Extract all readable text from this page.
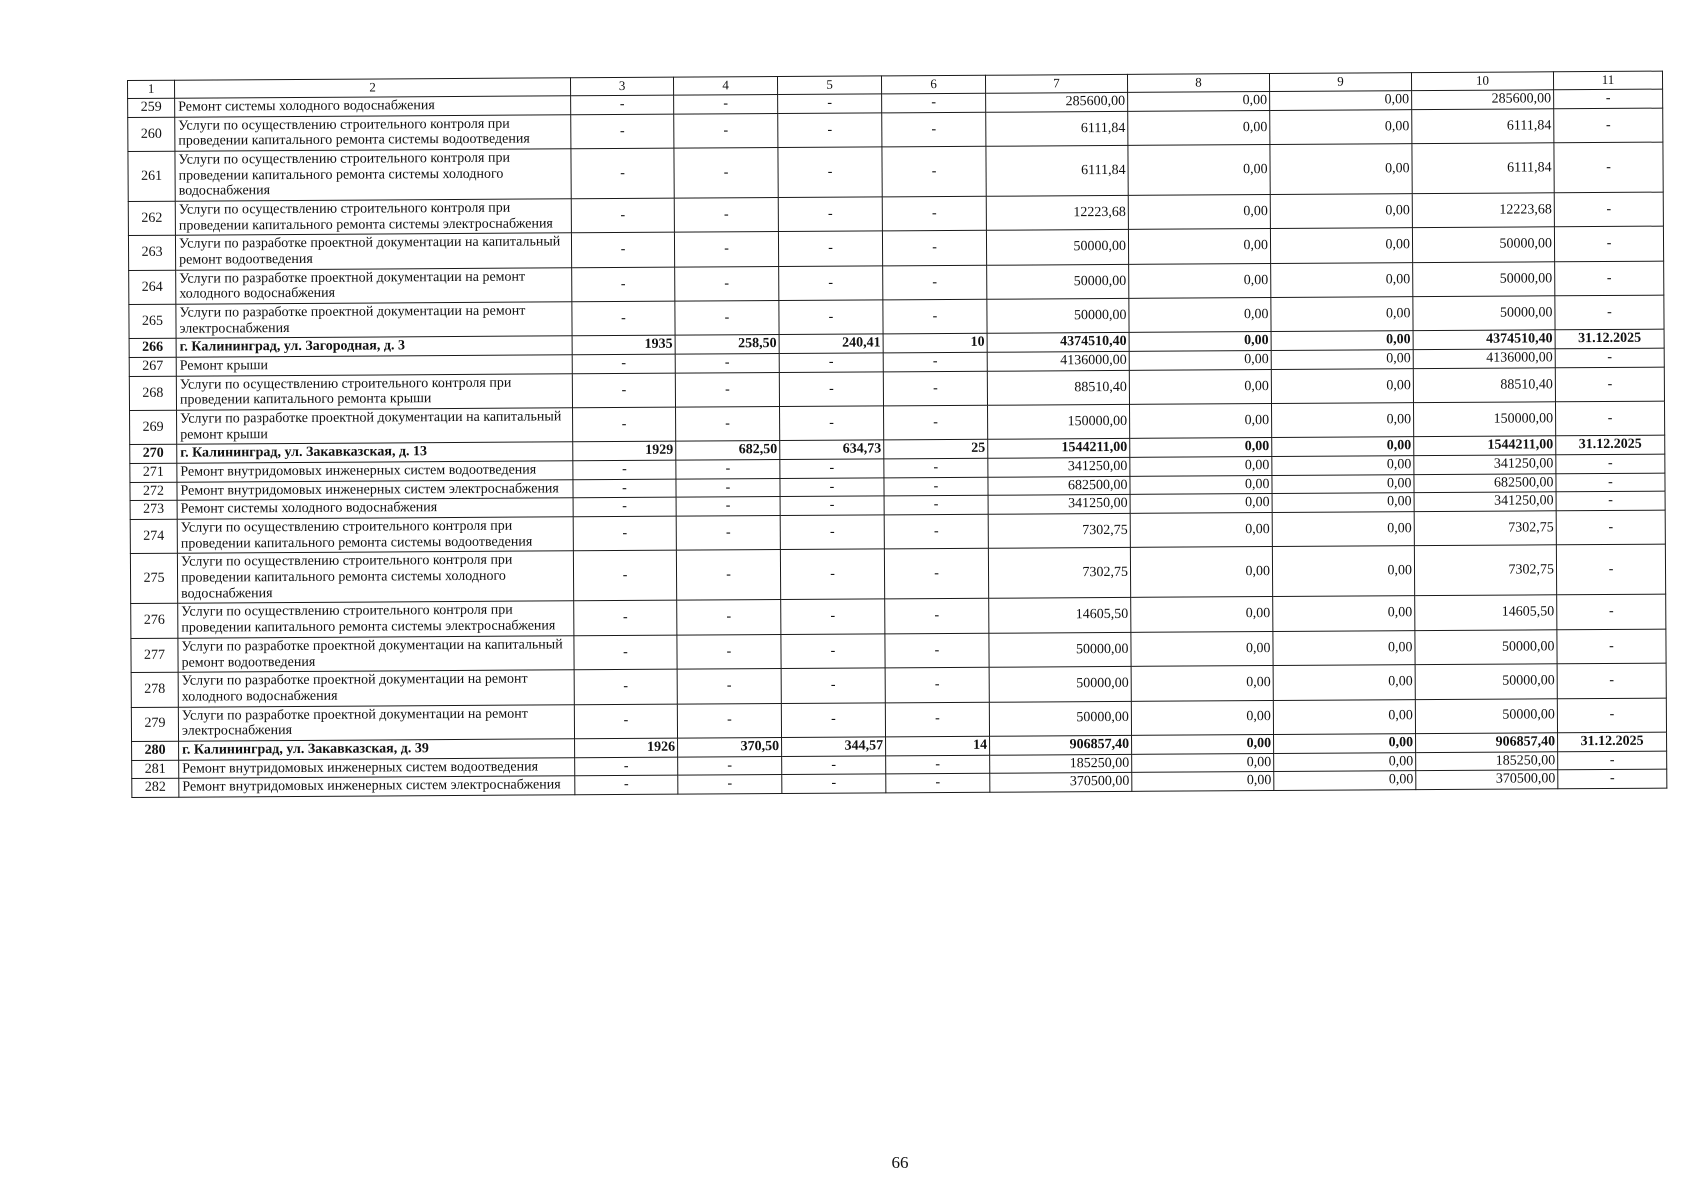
1	2	3	4	5	6	7	8	9	10	11
259	Ремонт системы холодного водоснабжения	-	-	-	-	285600,00	0,00	0,00	285600,00	-
260	Услуги по осуществлению строительного контроля при проведении капитального ремонта системы водоотведения	-	-	-	-	6111,84	0,00	0,00	6111,84	-
261	Услуги по осуществлению строительного контроля при проведении капитального ремонта системы холодного водоснабжения	-	-	-	-	6111,84	0,00	0,00	6111,84	-
262	Услуги по осуществлению строительного контроля при проведении капитального ремонта системы электроснабжения	-	-	-	-	12223,68	0,00	0,00	12223,68	-
263	Услуги по разработке проектной документации на капитальный ремонт водоотведения	-	-	-	-	50000,00	0,00	0,00	50000,00	-
264	Услуги по разработке проектной документации на ремонт холодного водоснабжения	-	-	-	-	50000,00	0,00	0,00	50000,00	-
265	Услуги по разработке проектной документации на ремонт электроснабжения	-	-	-	-	50000,00	0,00	0,00	50000,00	-
266	г. Калининград, ул. Загородная, д. 3	1935	258,50	240,41	10	4374510,40	0,00	0,00	4374510,40	31.12.2025
267	Ремонт крыши	-	-	-	-	4136000,00	0,00	0,00	4136000,00	-
268	Услуги по осуществлению строительного контроля при проведении капитального ремонта крыши	-	-	-	-	88510,40	0,00	0,00	88510,40	-
269	Услуги по разработке проектной документации на капитальный ремонт крыши	-	-	-	-	150000,00	0,00	0,00	150000,00	-
270	г. Калининград, ул. Закавказская, д. 13	1929	682,50	634,73	25	1544211,00	0,00	0,00	1544211,00	31.12.2025
271	Ремонт внутридомовых инженерных систем водоотведения	-	-	-	-	341250,00	0,00	0,00	341250,00	-
272	Ремонт внутридомовых инженерных систем электроснабжения	-	-	-	-	682500,00	0,00	0,00	682500,00	-
273	Ремонт системы холодного водоснабжения	-	-	-	-	341250,00	0,00	0,00	341250,00	-
274	Услуги по осуществлению строительного контроля при проведении капитального ремонта системы водоотведения	-	-	-	-	7302,75	0,00	0,00	7302,75	-
275	Услуги по осуществлению строительного контроля при проведении капитального ремонта системы холодного водоснабжения	-	-	-	-	7302,75	0,00	0,00	7302,75	-
276	Услуги по осуществлению строительного контроля при проведении капитального ремонта системы электроснабжения	-	-	-	-	14605,50	0,00	0,00	14605,50	-
277	Услуги по разработке проектной документации на капитальный ремонт водоотведения	-	-	-	-	50000,00	0,00	0,00	50000,00	-
278	Услуги по разработке проектной документации на ремонт холодного водоснабжения	-	-	-	-	50000,00	0,00	0,00	50000,00	-
279	Услуги по разработке проектной документации на ремонт электроснабжения	-	-	-	-	50000,00	0,00	0,00	50000,00	-
280	г. Калининград, ул. Закавказская, д. 39	1926	370,50	344,57	14	906857,40	0,00	0,00	906857,40	31.12.2025
281	Ремонт внутридомовых инженерных систем водоотведения	-	-	-	-	185250,00	0,00	0,00	185250,00	-
282	Ремонт внутридомовых инженерных систем электроснабжения	-	-	-	-	370500,00	0,00	0,00	370500,00	-
66
